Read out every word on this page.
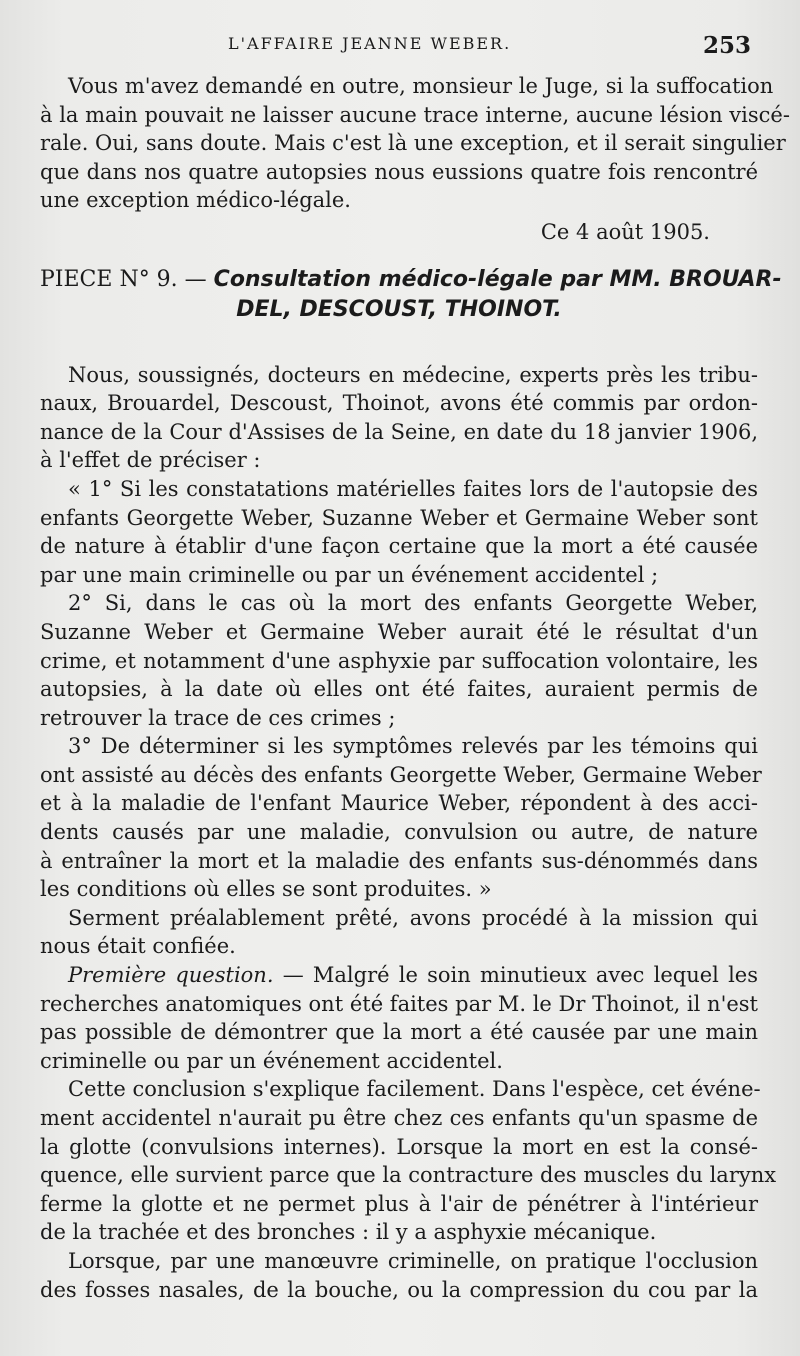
L'AFFAIRE JEANNE WEBER.	253
Vous m'avez demandé en outre, monsieur le Juge, si la suffocation
à la main pouvait ne laisser aucune trace interne, aucune lésion viscé-
rale. Oui, sans doute. Mais c'est là une exception, et il serait singulier
que dans nos quatre autopsies nous eussions quatre fois rencontré
une exception médico-légale.
Ce 4 août 1905.
PIECE N° 9. — Consultation médico-légale par MM. BROUAR-
DEL, DESCOUST, THOINOT.
Nous, soussignés, docteurs en médecine, experts près les tribu-
naux, Brouardel, Descoust, Thoinot, avons été commis par ordon-
nance de la Cour d'Assises de la Seine, en date du 18 janvier 1906,
à l'effet de préciser :
« 1° Si les constatations matérielles faites lors de l'autopsie des
enfants Georgette Weber, Suzanne Weber et Germaine Weber sont
de nature à établir d'une façon certaine que la mort a été causée
par une main criminelle ou par un événement accidentel ;
2° Si, dans le cas où la mort des enfants Georgette Weber,
Suzanne Weber et Germaine Weber aurait été le résultat d'un
crime, et notamment d'une asphyxie par suffocation volontaire, les
autopsies, à la date où elles ont été faites, auraient permis de
retrouver la trace de ces crimes ;
3° De déterminer si les symptômes relevés par les témoins qui
ont assisté au décès des enfants Georgette Weber, Germaine Weber
et à la maladie de l'enfant Maurice Weber, répondent à des acci-
dents causés par une maladie, convulsion ou autre, de nature
à entraîner la mort et la maladie des enfants sus-dénommés dans
les conditions où elles se sont produites. »
Serment préalablement prêté, avons procédé à la mission qui
nous était confiée.
Première question. — Malgré le soin minutieux avec lequel les
recherches anatomiques ont été faites par M. le Dr Thoinot, il n'est
pas possible de démontrer que la mort a été causée par une main
criminelle ou par un événement accidentel.
Cette conclusion s'explique facilement. Dans l'espèce, cet événe-
ment accidentel n'aurait pu être chez ces enfants qu'un spasme de
la glotte (convulsions internes). Lorsque la mort en est la consé-
quence, elle survient parce que la contracture des muscles du larynx
ferme la glotte et ne permet plus à l'air de pénétrer à l'intérieur
de la trachée et des bronches : il y a asphyxie mécanique.
Lorsque, par une manœuvre criminelle, on pratique l'occlusion
des fosses nasales, de la bouche, ou la compression du cou par la
